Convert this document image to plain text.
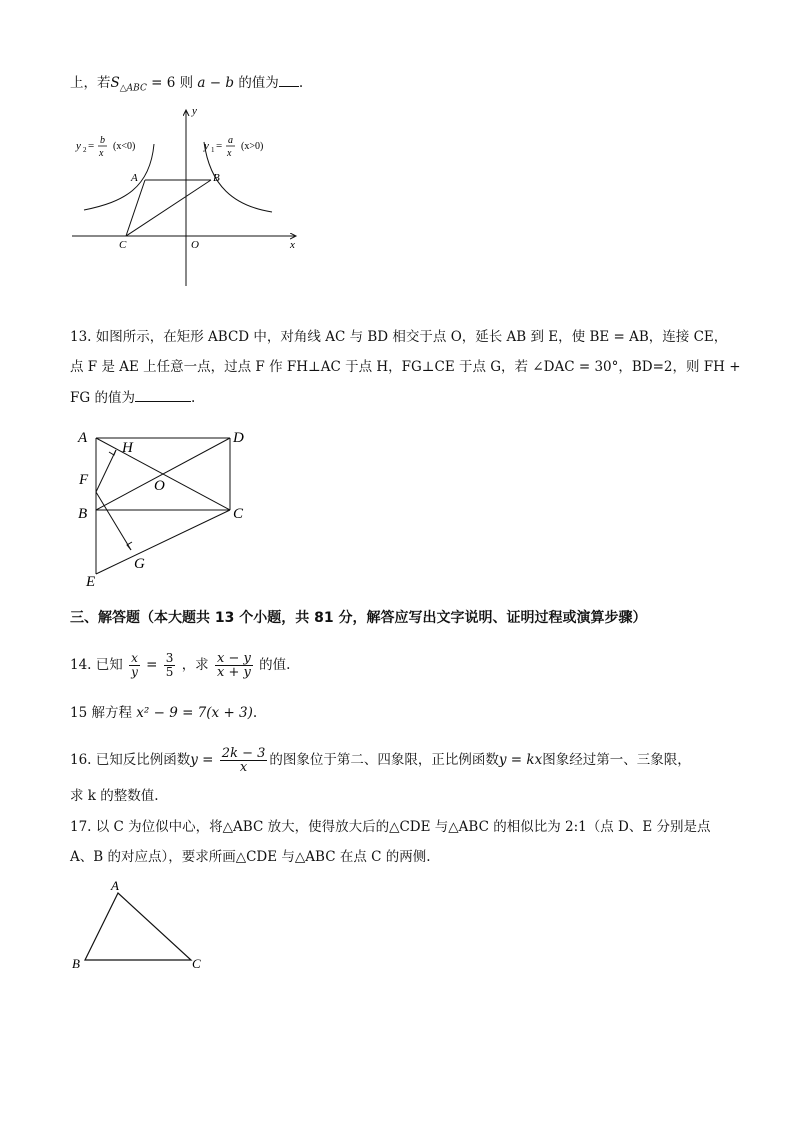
上，若$S_{\triangle ABC} = 6$ 则 a − b 的值为 .
y
x
A	B
C	O
y 2 = b
x
(x<0)	y 1 = a
x
(x>0)
13. 如图所示，在矩形 ABCD 中，对角线 AC 与 BD 相交于点 O，延长 AB 到 E，使 BE = AB，连接 CE，
点 F 是 AE 上任意一点，过点 F 作 FH⊥AC 于点 H，FG⊥CE 于点 G，若 ∠DAC = 30°，BD=2，则 FH +
FG 的值为	.
A	D
H
F	O
B	C
G
E
三、解答题（本大题共 13 个小题，共 81 分，解答应写出文字说明、证明过程或演算步骤）
14. 已知 $\frac{x}{y} = \frac{3}{5}$ ，求 $\frac{x - y}{x + y}$ 的值.
15 解方程 x² − 9 = 7(x + 3).
16. 已知反比例函数$y = \frac{2k - 3}{x}$ 的图象位于第二、四象限，正比例函数y = kx图象经过第一、三象限，
求 k 的整数值.
17. 以 C 为位似中心，将△ABC 放大，使得放大后的△CDE 与△ABC 的相似比为 2:1（点 D、E 分别是点
A、B 的对应点），要求所画△CDE 与△ABC 在点 C 的两侧.
A
B	C
